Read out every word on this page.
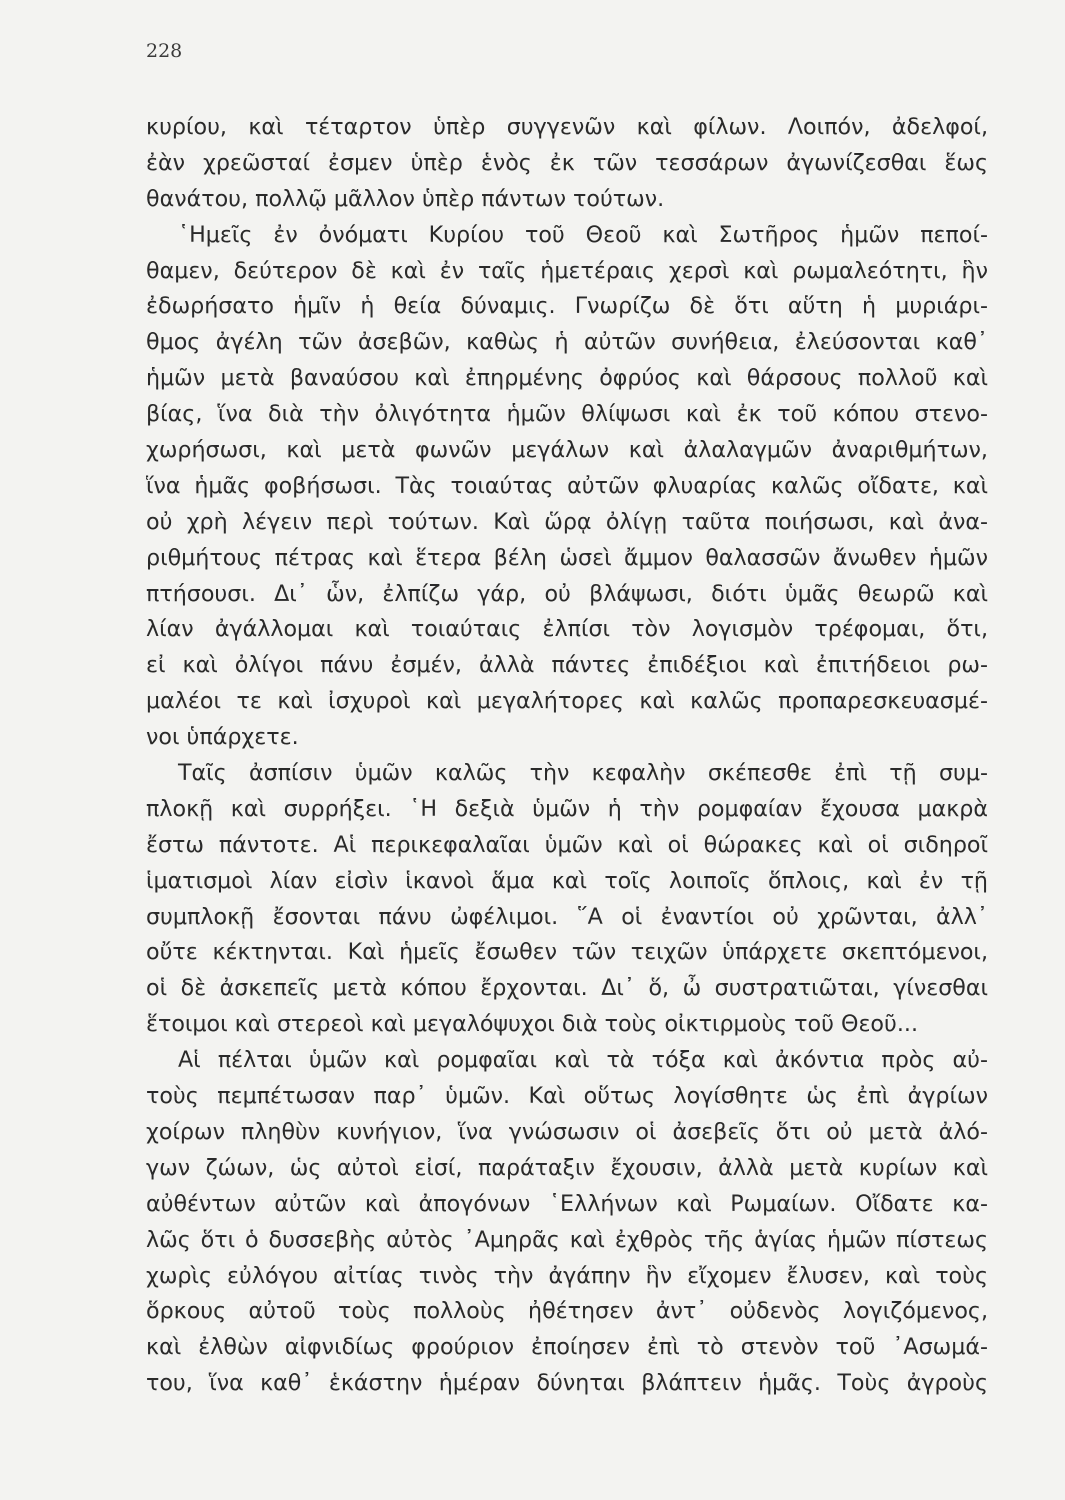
228
κυρίου, καὶ τέταρτον ὑπὲρ συγγενῶν καὶ φίλων. Λοιπόν, ἀδελφοί,
ἐὰν χρεῶσταί ἐσμεν ὑπὲρ ἑνὸς ἐκ τῶν τεσσάρων ἀγωνίζεσθαι ἕως
θανάτου, πολλῷ μᾶλλον ὑπὲρ πάντων τούτων.
῾Ημεῖς ἐν ὀνόματι Κυρίου τοῦ Θεοῦ καὶ Σωτῆρος ἡμῶν πεποί-
θαμεν, δεύτερον δὲ καὶ ἐν ταῖς ἡμετέραις χερσὶ καὶ ρωμαλεότητι, ἣν
ἐδωρήσατο ἡμῖν ἡ θεία δύναμις. Γνωρίζω δὲ ὅτι αὕτη ἡ μυριάρι-
θμος ἀγέλη τῶν ἀσεβῶν, καθὼς ἡ αὐτῶν συνήθεια, ἐλεύσονται καθ᾽
ἡμῶν μετὰ βαναύσου καὶ ἐπηρμένης ὀφρύος καὶ θάρσους πολλοῦ καὶ
βίας, ἵνα διὰ τὴν ὀλιγότητα ἡμῶν θλίψωσι καὶ ἐκ τοῦ κόπου στενο-
χωρήσωσι, καὶ μετὰ φωνῶν μεγάλων καὶ ἀλαλαγμῶν ἀναριθμήτων,
ἵνα ἡμᾶς φοβήσωσι. Τὰς τοιαύτας αὐτῶν φλυαρίας καλῶς οἴδατε, καὶ
οὐ χρὴ λέγειν περὶ τούτων. Καὶ ὥρᾳ ὀλίγῃ ταῦτα ποιήσωσι, καὶ ἀνα-
ριθμήτους πέτρας καὶ ἕτερα βέλη ὡσεὶ ἄμμον θαλασσῶν ἄνωθεν ἡμῶν
πτήσουσι. Δι᾽ ὧν, ἐλπίζω γάρ, οὐ βλάψωσι, διότι ὑμᾶς θεωρῶ καὶ
λίαν ἀγάλλομαι καὶ τοιαύταις ἐλπίσι τὸν λογισμὸν τρέφομαι, ὅτι,
εἰ καὶ ὀλίγοι πάνυ ἐσμέν, ἀλλὰ πάντες ἐπιδέξιοι καὶ ἐπιτήδειοι ρω-
μαλέοι τε καὶ ἰσχυροὶ καὶ μεγαλήτορες καὶ καλῶς προπαρεσκευασμέ-
νοι ὑπάρχετε.
Ταῖς ἀσπίσιν ὑμῶν καλῶς τὴν κεφαλὴν σκέπεσθε ἐπὶ τῇ συμ-
πλοκῇ καὶ συρρήξει. ῾Η δεξιὰ ὑμῶν ἡ τὴν ρομφαίαν ἔχουσα μακρὰ
ἔστω πάντοτε. Αἱ περικεφαλαῖαι ὑμῶν καὶ οἱ θώρακες καὶ οἱ σιδηροῖ
ἱματισμοὶ λίαν εἰσὶν ἱκανοὶ ἅμα καὶ τοῖς λοιποῖς ὅπλοις, καὶ ἐν τῇ
συμπλοκῇ ἔσονται πάνυ ὠφέλιμοι. ῞Α οἱ ἐναντίοι οὐ χρῶνται, ἀλλ᾽
οὔτε κέκτηνται. Καὶ ἡμεῖς ἔσωθεν τῶν τειχῶν ὑπάρχετε σκεπτόμενοι,
οἱ δὲ ἀσκεπεῖς μετὰ κόπου ἔρχονται. Δι᾽ ὅ, ὦ συστρατιῶται, γίνεσθαι
ἕτοιμοι καὶ στερεοὶ καὶ μεγαλόψυχοι διὰ τοὺς οἰκτιρμοὺς τοῦ Θεοῦ...
Αἱ πέλται ὑμῶν καὶ ρομφαῖαι καὶ τὰ τόξα καὶ ἀκόντια πρὸς αὐ-
τοὺς πεμπέτωσαν παρ᾽ ὑμῶν. Καὶ οὕτως λογίσθητε ὡς ἐπὶ ἀγρίων
χοίρων πληθὺν κυνήγιον, ἵνα γνώσωσιν οἱ ἀσεβεῖς ὅτι οὐ μετὰ ἀλό-
γων ζώων, ὡς αὐτοὶ εἰσί, παράταξιν ἔχουσιν, ἀλλὰ μετὰ κυρίων καὶ
αὐθέντων αὐτῶν καὶ ἀπογόνων ῾Ελλήνων καὶ Ρωμαίων. Οἴδατε κα-
λῶς ὅτι ὁ δυσσεβὴς αὐτὸς ᾽Αμηρᾶς καὶ ἐχθρὸς τῆς ἁγίας ἡμῶν πίστεως
χωρὶς εὐλόγου αἰτίας τινὸς τὴν ἀγάπην ἣν εἴχομεν ἔλυσεν, καὶ τοὺς
ὅρκους αὐτοῦ τοὺς πολλοὺς ἠθέτησεν ἀντ᾽ οὐδενὸς λογιζόμενος,
καὶ ἐλθὼν αἰφνιδίως φρούριον ἐποίησεν ἐπὶ τὸ στενὸν τοῦ ᾽Ασωμά-
του, ἵνα καθ᾽ ἑκάστην ἡμέραν δύνηται βλάπτειν ἡμᾶς. Τοὺς ἀγροὺς
